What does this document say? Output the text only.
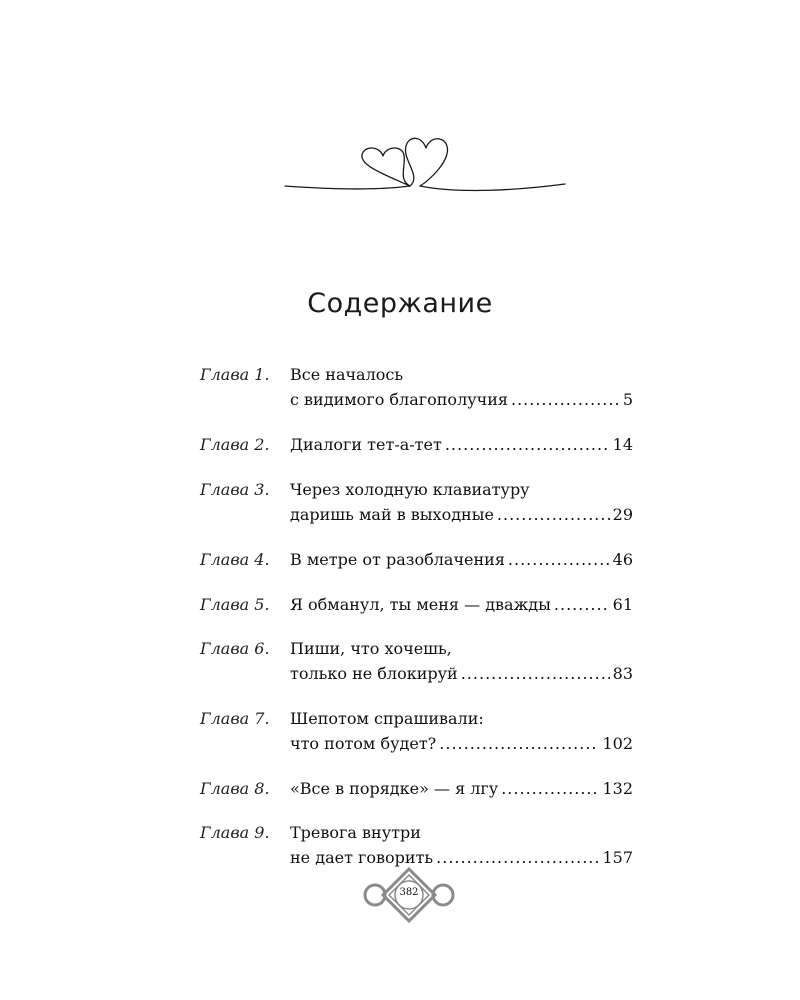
Содержание
Глава 1. Все началось
с видимого благополучия .....	5
Глава 2. Диалоги тет-а-тет .....	14
Глава 3. Через холодную клавиатуру
даришь май в выходные .....	29
Глава 4. В метре от разоблачения .....	46
Глава 5. Я обманул, ты меня — дважды .....	61
Глава 6. Пиши, что хочешь,
только не блокируй .....	83
Глава 7. Шепотом спрашивали:
что потом будет? .....	102
Глава 8. «Все в порядке» — я лгу .....	132
Глава 9. Тревога внутри
не дает говорить .....	157
382
